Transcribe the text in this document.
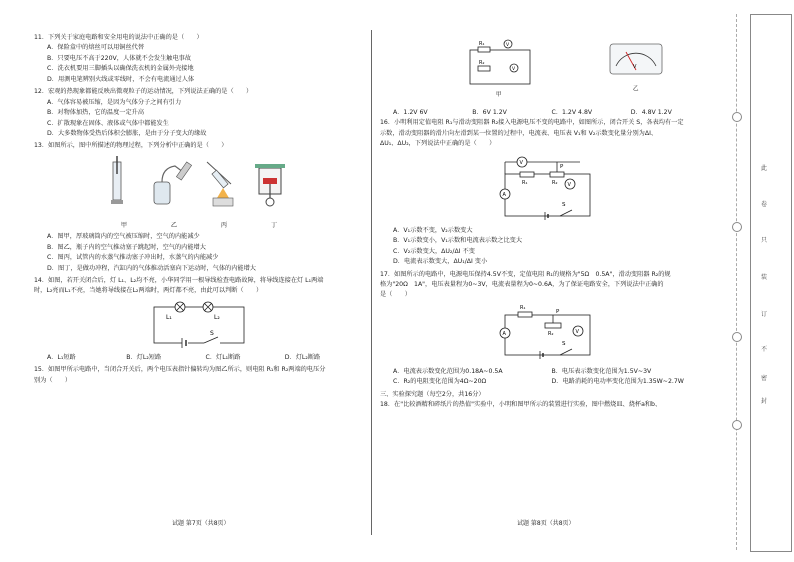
11．下列关于家庭电路和安全用电的说法中正确的是（　　）
A．保险盒中的熔丝可以用铜丝代替
B．只要电压不高于220V，人体就不会发生触电事故
C．洗衣机要用三脚插头以确保洗衣机的金属外壳接地
D．用测电笔辨别火线或零线时，不会有电流通过人体
12．宏观的热现象都能反映出微观粒子的运动情况，下列说法正确的是（　　）
A．气体容易被压缩，是因为气体分子之间有引力
B．对物体加热，它的温度一定升高
C．扩散现象在固体、液体或气体中都能发生
D．大多数物体受热后体积会膨胀，是由于分子变大的缘故
13．如图所示，图中所描述的物理过程，下列分析中正确的是（　　）
甲	乙	丙	丁
A．图甲，厚玻璃筒内的空气被压缩时，空气的内能减少
B．图乙，瓶子内的空气推动塞子跳起时，空气的内能增大
C．图丙，试管内的水蒸气推动塞子冲出时，水蒸气的内能减少
D．图丁，是做功冲程，汽缸内的气体推动活塞向下运动时，气体的内能增大
14．如图，若开关闭合后，灯 L₁、L₂均不亮，小华同学用一根导线检查电路故障，将导线连接在灯 L₁两端
时，L₂亮而L₁不亮，当她将导线接在L₂两端时，两灯都不亮，由此可以判断（　　）
L₁	L₂
S
A．L₁短路	B．灯L₂短路	C．灯L₁断路	D．灯L₂断路
15．如图甲所示电路中，当闭合开关后，两个电压表指针偏转均为图乙所示，则电阻 R₁和 R₂两端的电压分
别为（　　）
试题 第7页（共8页）
R₁
R₂
V
V
甲
V
乙
A．1.2V 6V	B．6V 1.2V	C．1.2V 4.8V	D．4.8V 1.2V
16．小明利用定值电阻 R₁与滑动变阻器 R₂接入电源电压不变的电路中，如图所示，闭合开关 S，各表均有一定
示数，滑动变阻器的滑片向左滑到某一位置的过程中，电流表、电压表 V₁和 V₂示数变化量分别为ΔI、
ΔU₁、ΔU₂，下列说法中正确的是（　　）
V
V
P
R₁	R₂
A
S
A．V₁示数不变，V₂示数变大
B．V₁示数变小，V₁示数和电流表示数之比变大
C．V₂示数变大，ΔU₂/ΔI 不变
D．电流表示数变大，ΔU₁/ΔI 变小
17．如图所示的电路中，电源电压保持4.5V不变，定值电阻 R₁的规格为"5Ω　0.5A"，滑动变阻器 R₂的规
格为"20Ω　1A"，电压表量程为0~3V，电流表量程为0~0.6A，为了保证电路安全，下列说法中正确的
是（　　）
R₁
P
R₂	V
A
S
A．电流表示数变化范围为0.18A~0.5A	B．电压表示数变化范围为1.5V~3V
C．R₂的电阻变化范围为4Ω~20Ω	D．电路消耗的电功率变化范围为1.35W~2.7W
三、实验探究题（每空2分，共16分）
18．在"比较酒精和碎纸片的热值"实验中，小明和图甲所示的装置进行实验，图中燃烧皿、烧杯a和b、
试题 第8页（共8页）
此
卷
只
装
订
不
密
封
